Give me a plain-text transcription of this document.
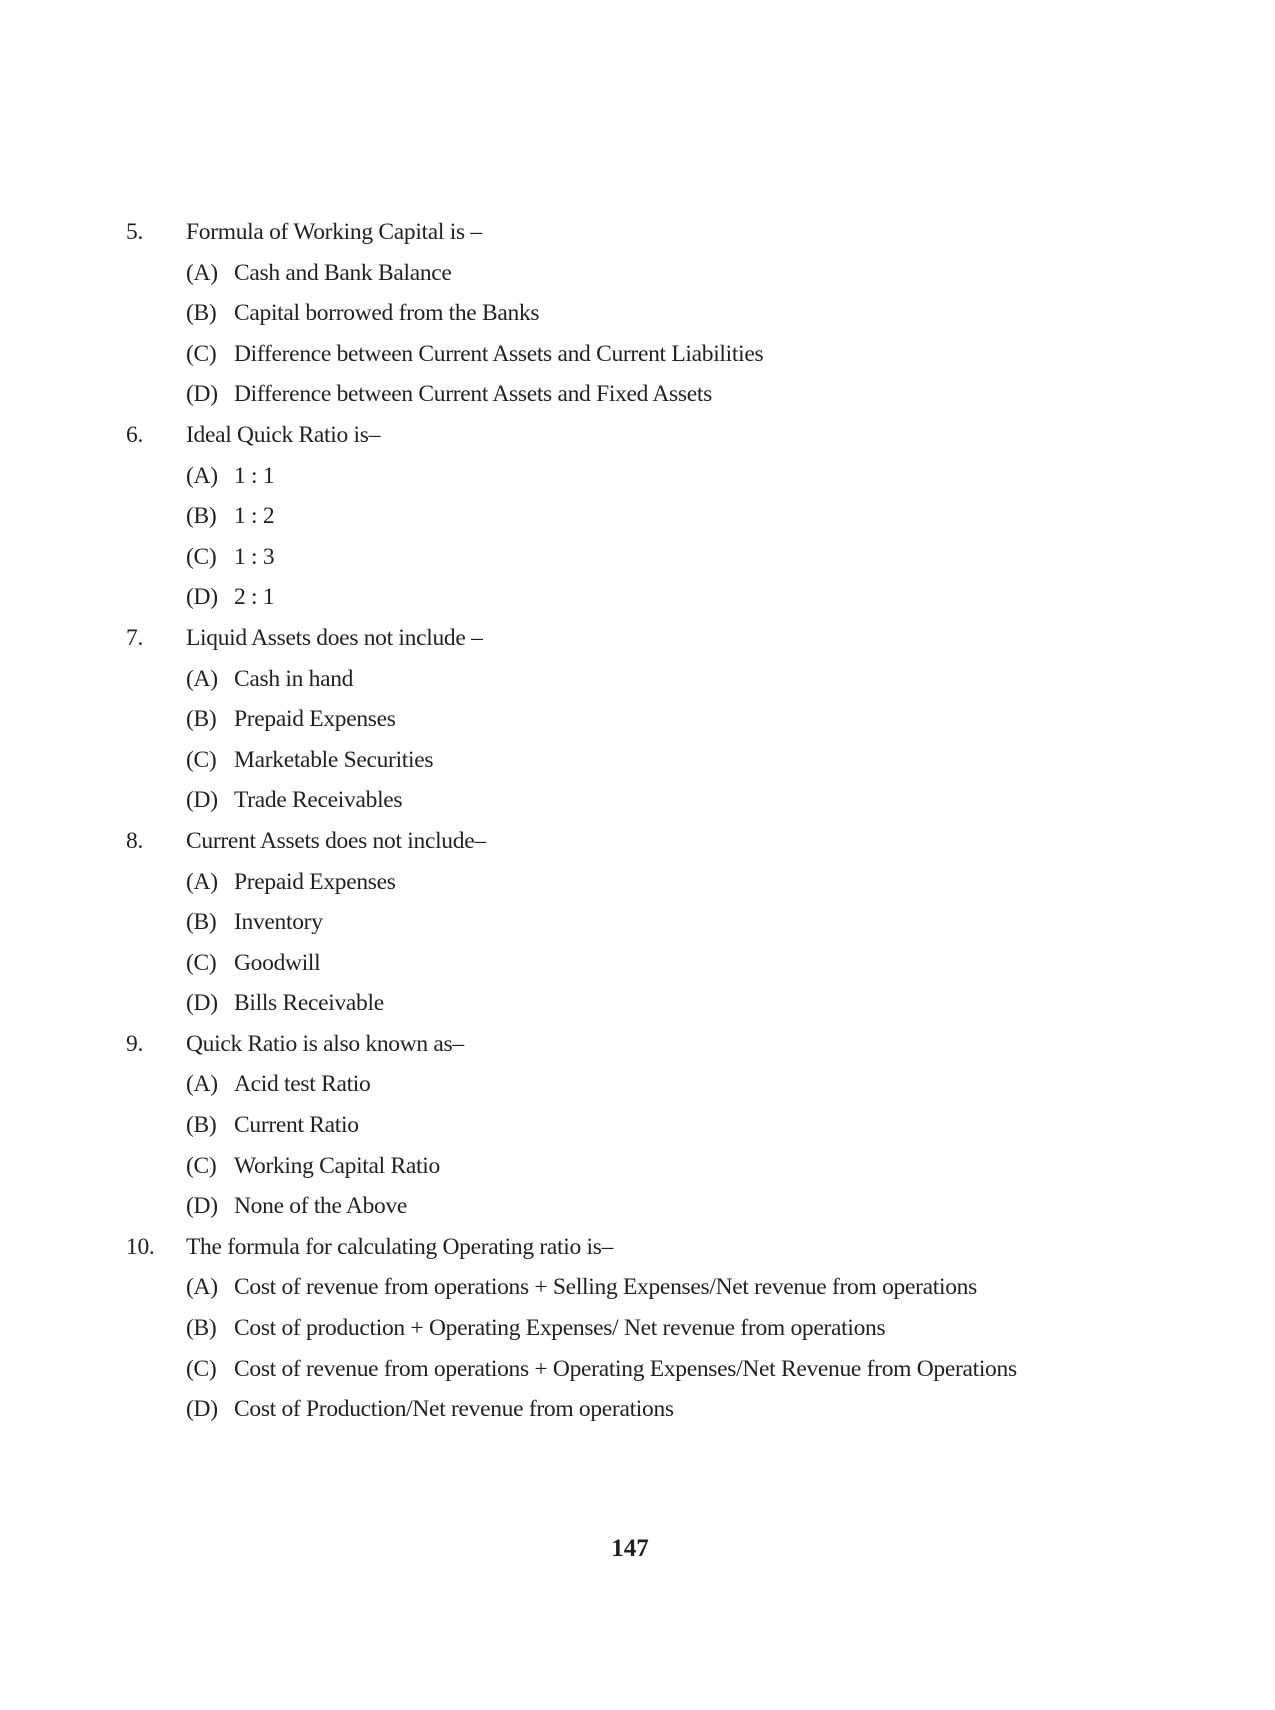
5. Formula of Working Capital is –
(A) Cash and Bank Balance
(B) Capital borrowed from the Banks
(C) Difference between Current Assets and Current Liabilities
(D) Difference between Current Assets and Fixed Assets
6. Ideal Quick Ratio is–
(A) 1 : 1
(B) 1 : 2
(C) 1 : 3
(D) 2 : 1
7. Liquid Assets does not include –
(A) Cash in hand
(B) Prepaid Expenses
(C) Marketable Securities
(D) Trade Receivables
8. Current Assets does not include–
(A) Prepaid Expenses
(B) Inventory
(C) Goodwill
(D) Bills Receivable
9. Quick Ratio is also known as–
(A) Acid test Ratio
(B) Current Ratio
(C) Working Capital Ratio
(D) None of the Above
10. The formula for calculating Operating ratio is–
(A) Cost of revenue from operations + Selling Expenses/Net revenue from operations
(B) Cost of production + Operating Expenses/ Net revenue from operations
(C) Cost of revenue from operations + Operating Expenses/Net Revenue from Operations
(D) Cost of Production/Net revenue from operations
147
